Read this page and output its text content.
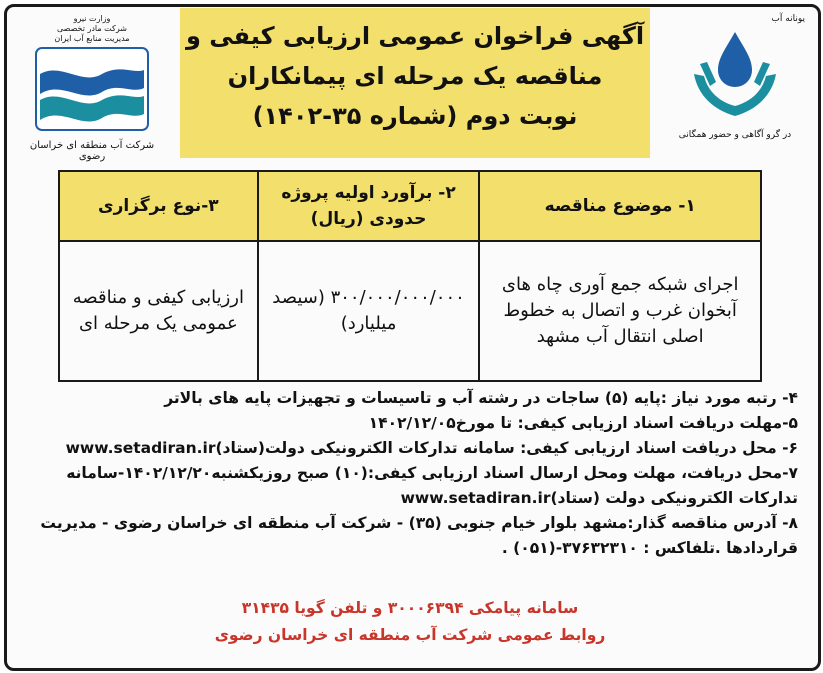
یونانه آب
در گرو آگاهی و حضور همگانی
وزارت نیرو
شرکت مادر تخصصی
مدیریت منابع آب ایران
شرکت آب منطقه ای خراسان رضوی
آگهی فراخوان عمومی ارزیابی کیفی و
مناقصه یک مرحله ای پیمانکاران
نوبت دوم (شماره ۳۵-۱۴۰۲)
۱- موضوع مناقصه	۲- برآورد اولیه پروژه حدودی (ریال)	۳-نوع برگزاری
اجرای شبکه جمع آوری چاه های آبخوان غرب و اتصال به خطوط اصلی انتقال آب مشهد	۳۰۰/۰۰۰/۰۰۰/۰۰۰ (سیصد میلیارد)	ارزیابی کیفی و مناقصه عمومی یک مرحله ای

۴- رتبه مورد نیاز :پایه (۵) ساجات در رشته آب و تاسیسات و تجهیزات پایه های بالاتر

۵-مهلت دریافت اسناد ارزیابی کیفی: تا مورخ۱۴۰۲/۱۲/۰۵

۶- محل دریافت اسناد ارزیابی کیفی: سامانه تدارکات الکترونیکی دولت(ستاد)www.setadiran.ir

۷-محل دریافت، مهلت ومحل ارسال اسناد ارزیابی کیفی:(۱۰) صبح روزیکشنبه۱۴۰۲/۱۲/۲۰-سامانه تدارکات الکترونیکی دولت (ستاد)www.setadiran.ir

۸- آدرس مناقصه گذار:مشهد بلوار خیام جنوبی (۳۵) - شرکت آب منطقه ای خراسان رضوی - مدیریت قراردادها .تلفاکس : ۳۷۶۳۲۳۱۰-(۰۵۱) .

سامانه پیامکی ۳۰۰۰۶۳۹۴ و تلفن گویا ۳۱۴۳۵
روابط عمومی شرکت آب منطقه ای خراسان رضوی
